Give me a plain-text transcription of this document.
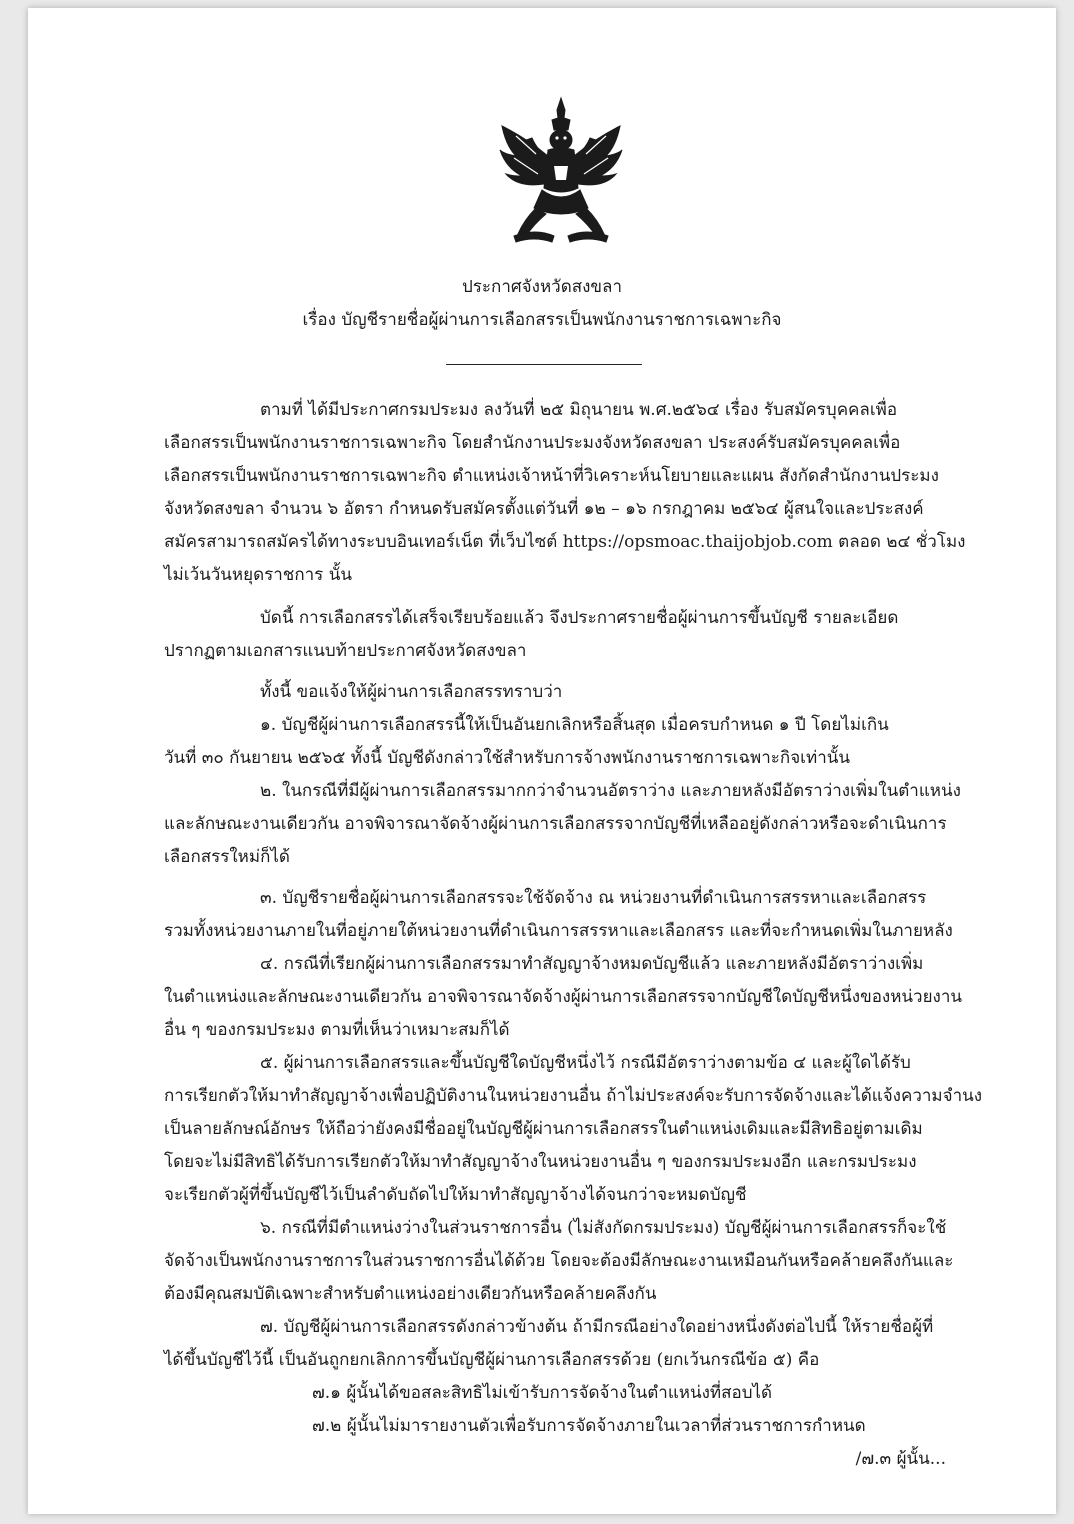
ประกาศจังหวัดสงขลา
เรื่อง บัญชีรายชื่อผู้ผ่านการเลือกสรรเป็นพนักงานราชการเฉพาะกิจ
ตามที่ ได้มีประกาศกรมประมง ลงวันที่ ๒๕ มิถุนายน พ.ศ.๒๕๖๔ เรื่อง รับสมัครบุคคลเพื่อ
เลือกสรรเป็นพนักงานราชการเฉพาะกิจ โดยสำนักงานประมงจังหวัดสงขลา ประสงค์รับสมัครบุคคลเพื่อ
เลือกสรรเป็นพนักงานราชการเฉพาะกิจ ตำแหน่งเจ้าหน้าที่วิเคราะห์นโยบายและแผน สังกัดสำนักงานประมง
จังหวัดสงขลา จำนวน ๖ อัตรา กำหนดรับสมัครตั้งแต่วันที่ ๑๒ – ๑๖ กรกฎาคม ๒๕๖๔ ผู้สนใจและประสงค์
สมัครสามารถสมัครได้ทางระบบอินเทอร์เน็ต ที่เว็บไซต์ https://opsmoac.thaijobjob.com ตลอด ๒๔ ชั่วโมง
ไม่เว้นวันหยุดราชการ นั้น
บัดนี้ การเลือกสรรได้เสร็จเรียบร้อยแล้ว จึงประกาศรายชื่อผู้ผ่านการขึ้นบัญชี รายละเอียด
ปรากฏตามเอกสารแนบท้ายประกาศจังหวัดสงขลา
ทั้งนี้ ขอแจ้งให้ผู้ผ่านการเลือกสรรทราบว่า
๑. บัญชีผู้ผ่านการเลือกสรรนี้ให้เป็นอันยกเลิกหรือสิ้นสุด เมื่อครบกำหนด ๑ ปี โดยไม่เกิน
วันที่ ๓๐ กันยายน ๒๕๖๕ ทั้งนี้ บัญชีดังกล่าวใช้สำหรับการจ้างพนักงานราชการเฉพาะกิจเท่านั้น
๒. ในกรณีที่มีผู้ผ่านการเลือกสรรมากกว่าจำนวนอัตราว่าง และภายหลังมีอัตราว่างเพิ่มในตำแหน่ง
และลักษณะงานเดียวกัน อาจพิจารณาจัดจ้างผู้ผ่านการเลือกสรรจากบัญชีที่เหลืออยู่ดังกล่าวหรือจะดำเนินการ
เลือกสรรใหม่ก็ได้
๓. บัญชีรายชื่อผู้ผ่านการเลือกสรรจะใช้จัดจ้าง ณ หน่วยงานที่ดำเนินการสรรหาและเลือกสรร
รวมทั้งหน่วยงานภายในที่อยู่ภายใต้หน่วยงานที่ดำเนินการสรรหาและเลือกสรร และที่จะกำหนดเพิ่มในภายหลัง
๔. กรณีที่เรียกผู้ผ่านการเลือกสรรมาทำสัญญาจ้างหมดบัญชีแล้ว และภายหลังมีอัตราว่างเพิ่ม
ในตำแหน่งและลักษณะงานเดียวกัน อาจพิจารณาจัดจ้างผู้ผ่านการเลือกสรรจากบัญชีใดบัญชีหนึ่งของหน่วยงาน
อื่น ๆ ของกรมประมง ตามที่เห็นว่าเหมาะสมก็ได้
๕. ผู้ผ่านการเลือกสรรและขึ้นบัญชีใดบัญชีหนึ่งไว้ กรณีมีอัตราว่างตามข้อ ๔ และผู้ใดได้รับ
การเรียกตัวให้มาทำสัญญาจ้างเพื่อปฏิบัติงานในหน่วยงานอื่น ถ้าไม่ประสงค์จะรับการจัดจ้างและได้แจ้งความจำนง
เป็นลายลักษณ์อักษร ให้ถือว่ายังคงมีชื่ออยู่ในบัญชีผู้ผ่านการเลือกสรรในตำแหน่งเดิมและมีสิทธิอยู่ตามเดิม
โดยจะไม่มีสิทธิได้รับการเรียกตัวให้มาทำสัญญาจ้างในหน่วยงานอื่น ๆ ของกรมประมงอีก และกรมประมง
จะเรียกตัวผู้ที่ขึ้นบัญชีไว้เป็นลำดับถัดไปให้มาทำสัญญาจ้างได้จนกว่าจะหมดบัญชี
๖. กรณีที่มีตำแหน่งว่างในส่วนราชการอื่น (ไม่สังกัดกรมประมง) บัญชีผู้ผ่านการเลือกสรรก็จะใช้
จัดจ้างเป็นพนักงานราชการในส่วนราชการอื่นได้ด้วย โดยจะต้องมีลักษณะงานเหมือนกันหรือคล้ายคลึงกันและ
ต้องมีคุณสมบัติเฉพาะสำหรับตำแหน่งอย่างเดียวกันหรือคล้ายคลึงกัน
๗. บัญชีผู้ผ่านการเลือกสรรดังกล่าวข้างต้น ถ้ามีกรณีอย่างใดอย่างหนึ่งดังต่อไปนี้ ให้รายชื่อผู้ที่
ได้ขึ้นบัญชีไว้นี้ เป็นอันถูกยกเลิกการขึ้นบัญชีผู้ผ่านการเลือกสรรด้วย (ยกเว้นกรณีข้อ ๕) คือ
๗.๑ ผู้นั้นได้ขอสละสิทธิไม่เข้ารับการจัดจ้างในตำแหน่งที่สอบได้
๗.๒ ผู้นั้นไม่มารายงานตัวเพื่อรับการจัดจ้างภายในเวลาที่ส่วนราชการกำหนด
/๗.๓ ผู้นั้น...
